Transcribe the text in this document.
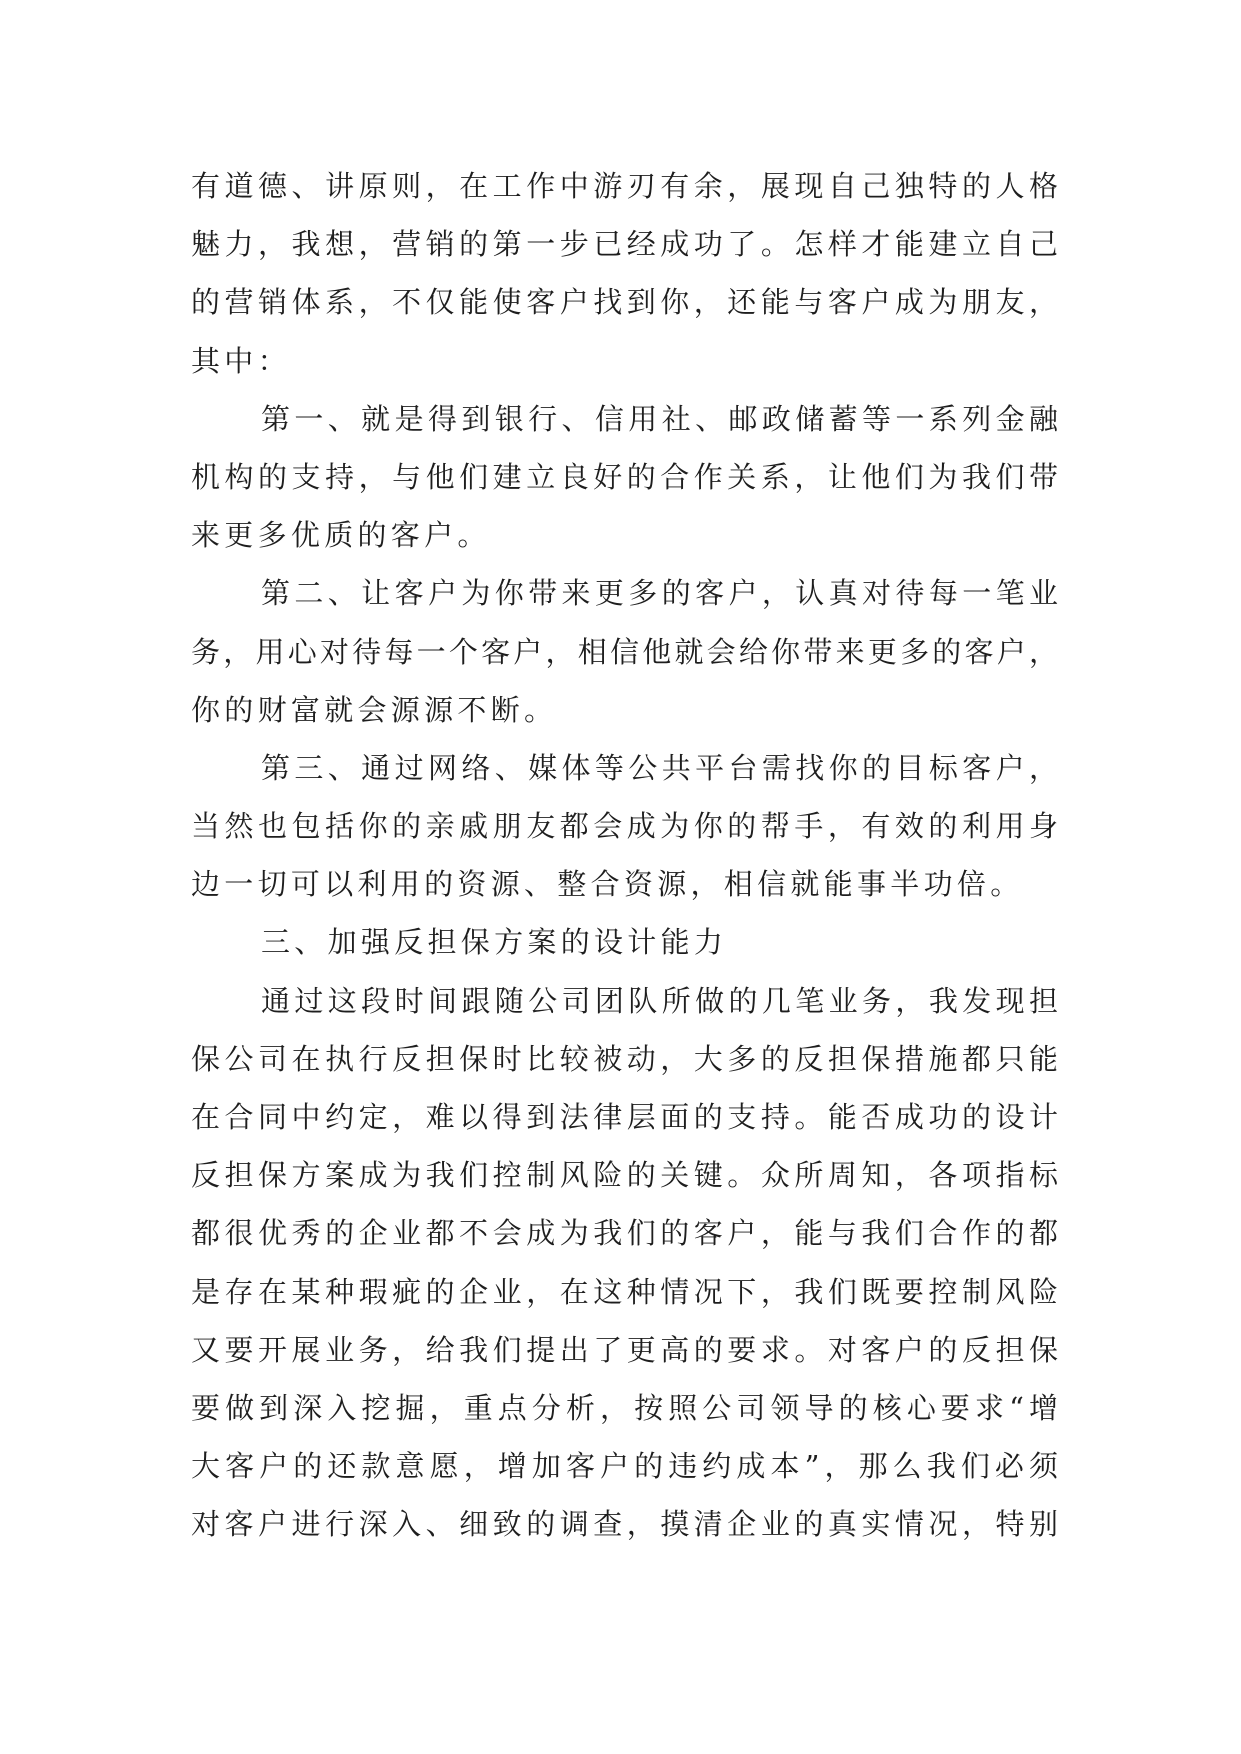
有道德、讲原则，在工作中游刃有余，展现自己独特的人格
魅力，我想，营销的第一步已经成功了。怎样才能建立自己
的营销体系，不仅能使客户找到你，还能与客户成为朋友，
其中：
第一、就是得到银行、信用社、邮政储蓄等一系列金融
机构的支持，与他们建立良好的合作关系，让他们为我们带
来更多优质的客户。
第二、让客户为你带来更多的客户，认真对待每一笔业
务，用心对待每一个客户，相信他就会给你带来更多的客户，
你的财富就会源源不断。
第三、通过网络、媒体等公共平台需找你的目标客户，
当然也包括你的亲戚朋友都会成为你的帮手，有效的利用身
边一切可以利用的资源、整合资源，相信就能事半功倍。
三、加强反担保方案的设计能力
通过这段时间跟随公司团队所做的几笔业务，我发现担
保公司在执行反担保时比较被动，大多的反担保措施都只能
在合同中约定，难以得到法律层面的支持。能否成功的设计
反担保方案成为我们控制风险的关键。众所周知，各项指标
都很优秀的企业都不会成为我们的客户，能与我们合作的都
是存在某种瑕疵的企业，在这种情况下，我们既要控制风险
又要开展业务，给我们提出了更高的要求。对客户的反担保
要做到深入挖掘，重点分析，按照公司领导的核心要求“增
大客户的还款意愿，增加客户的违约成本”，那么我们必须
对客户进行深入、细致的调查，摸清企业的真实情况，特别
